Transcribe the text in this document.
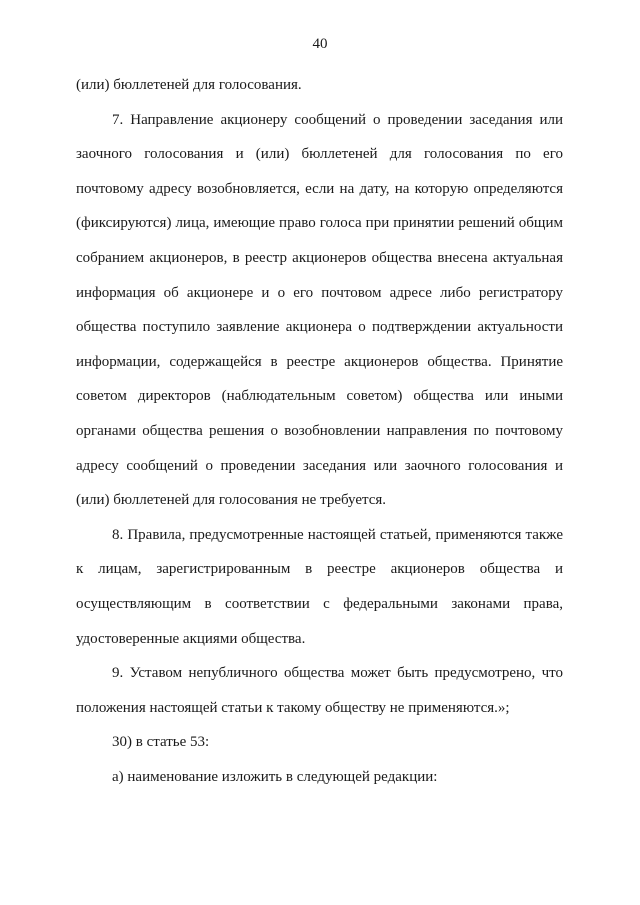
40

(или) бюллетеней для голосования.

7. Направление акционеру сообщений о проведении заседания или заочного голосования и (или) бюллетеней для голосования по его почтовому адресу возобновляется, если на дату, на которую определяются (фиксируются) лица, имеющие право голоса при принятии решений общим собранием акционеров, в реестр акционеров общества внесена актуальная информация об акционере и о его почтовом адресе либо регистратору общества поступило заявление акционера о подтверждении актуальности информации, содержащейся в реестре акционеров общества. Принятие советом директоров (наблюдательным советом) общества или иными органами общества решения о возобновлении направления по почтовому адресу сообщений о проведении заседания или заочного голосования и (или) бюллетеней для голосования не требуется.

8. Правила, предусмотренные настоящей статьей, применяются также к лицам, зарегистрированным в реестре акционеров общества и осуществляющим в соответствии с федеральными законами права, удостоверенные акциями общества.

9. Уставом непубличного общества может быть предусмотрено, что положения настоящей статьи к такому обществу не применяются.»;

30) в статье 53:

а) наименование изложить в следующей редакции:
